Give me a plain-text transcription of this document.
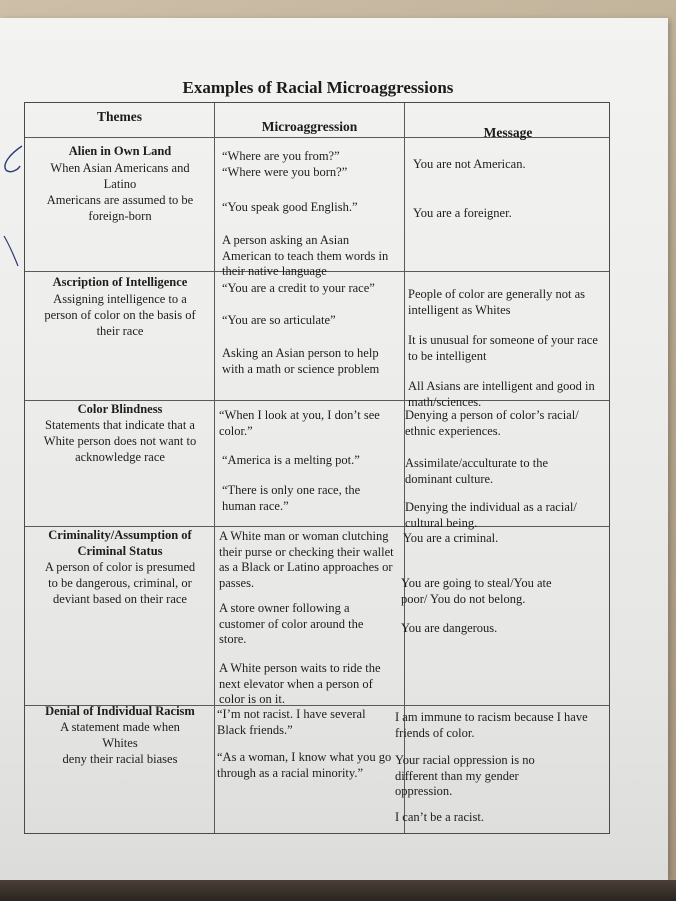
Examples of Racial Microaggressions
Themes
Microaggression	Message
Alien in Own Land
When Asian Americans and
Latino
Americans are assumed to be
foreign-born
“Where are you from?”
“Where were you born?”
“You speak good English.”
A person asking an Asian American to teach them words in their native language
You are not American.
You are a foreigner.
Ascription of Intelligence
Assigning intelligence to a
person of color on the basis of
their race
“You are a credit to your race”
“You are so articulate”
Asking an Asian person to help with a math or science problem
People of color are generally not as intelligent as Whites
It is unusual for someone of your race to be intelligent
All Asians are intelligent and good in math/sciences.
Color Blindness
Statements that indicate that a
White person does not want to
acknowledge race
“When I look at you, I don’t see color.”
“America is a melting pot.”
“There is only one race, the human race.”
Denying a person of color’s racial/ ethnic experiences.
Assimilate/acculturate to the dominant culture.
Denying the individual as a racial/ cultural being.
Criminality/Assumption of Criminal Status
A person of color is presumed
to be dangerous, criminal, or
deviant based on their race
A White man or woman clutching their purse or checking their wallet as a Black or Latino approaches or passes.
A store owner following a customer of color around the store.
A White person waits to ride the next elevator when a person of color is on it.
You are a criminal.
You are going to steal/You ate poor/ You do not belong.
You are dangerous.
Denial of Individual Racism
A statement made when
Whites
deny their racial biases
“I’m not racist. I have several Black friends.”
“As a woman, I know what you go through as a racial minority.”
I am immune to racism because I have friends of color.
Your racial oppression is no different than my gender oppression.
I can’t be a racist.
